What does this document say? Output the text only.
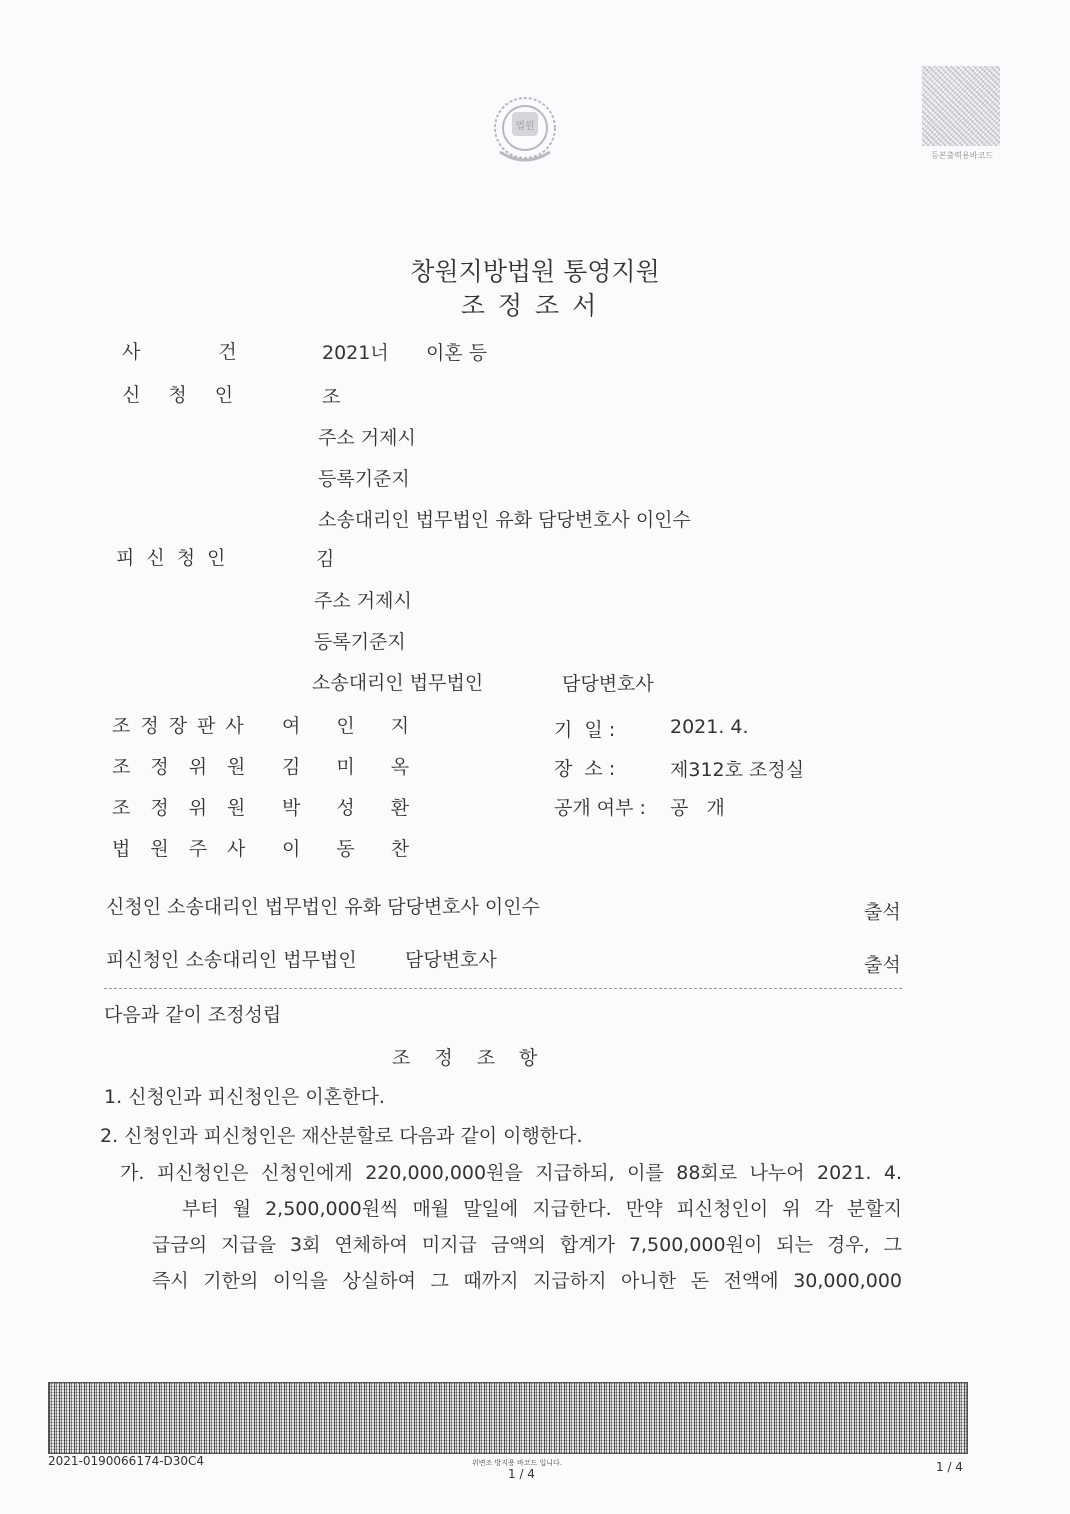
법원
등본출력용바코드
창원지방법원 통영지원
조정조서
사건 2021너 이혼 등
신청인	조
주소 거제시
등록기준지
소송대리인 법무법인 유화 담당변호사 이인수
피신청인	김
주소 거제시
등록기준지
소송대리인 법무법인	담당변호사
조정장판사 여인지	기  일 :	2021. 4.
조정위원 김미옥	장  소 :	제312호 조정실
조정위원 박성환	공개 여부 : 공   개
법원주사 이동찬
신청인 소송대리인 법무법인 유화 담당변호사 이인수	출석
피신청인 소송대리인 법무법인        담당변호사	출석
다음과 같이 조정성립
조정조항
1. 신청인과 피신청인은 이혼한다.
2. 신청인과 피신청인은 재산분할로 다음과 같이 이행한다.
가. 피신청인은 신청인에게 220,000,000원을 지급하되, 이를 88회로 나누어 2021. 4.
부터 월 2,500,000원씩 매월 말일에 지급한다. 만약 피신청인이 위 각 분할지
급금의 지급을 3회 연체하여 미지급 금액의 합계가 7,500,000원이 되는 경우, 그
즉시 기한의 이익을 상실하여 그 때까지 지급하지 아니한 돈 전액에 30,000,000
2021-0190066174-D30C4	위변조 방지용 바코드 입니다.
1 / 4	1 / 4
